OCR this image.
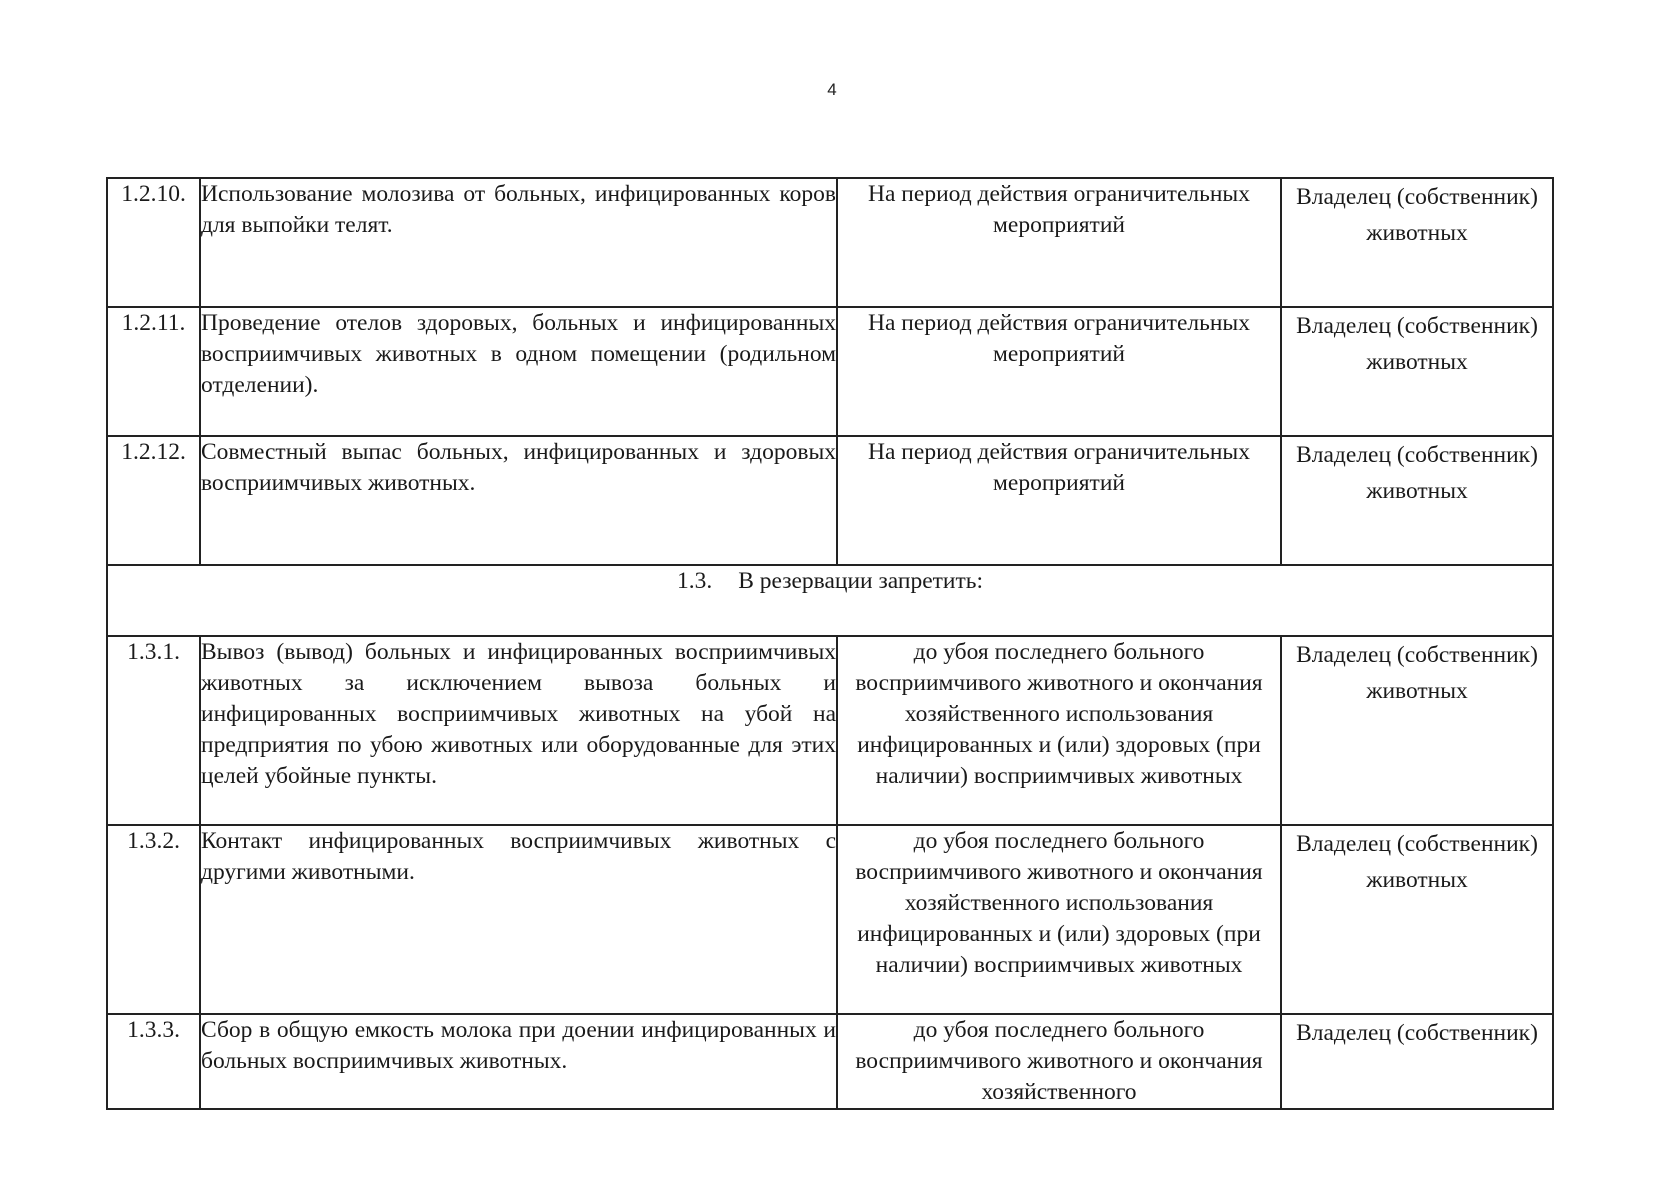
4
1.2.10.	Использование молозива от больных, инфицированных коров для выпойки телят.	На период действия ограничительных мероприятий	Владелец (собственник) животных
1.2.11.	Проведение отелов здоровых, больных и инфицированных восприимчивых животных в одном помещении (родильном отделении).	На период действия ограничительных мероприятий	Владелец (собственник) животных
1.2.12.	Совместный выпас больных, инфицированных и здоровых восприимчивых животных.	На период действия ограничительных мероприятий	Владелец (собственник) животных
1.3. В резервации запретить:			
1.3.1.	Вывоз (вывод) больных и инфицированных восприимчивых животных за исключением вывоза больных и инфицированных восприимчивых животных на убой на предприятия по убою животных или оборудованные для этих целей убойные пункты.	до убоя последнего больного восприимчивого животного и окончания хозяйственного использования инфицированных и (или) здоровых (при наличии) восприимчивых животных	Владелец (собственник) животных
1.3.2.	Контакт инфицированных восприимчивых животных с другими животными.	до убоя последнего больного восприимчивого животного и окончания хозяйственного использования инфицированных и (или) здоровых (при наличии) восприимчивых животных	Владелец (собственник) животных
1.3.3.	Сбор в общую емкость молока при доении инфицированных и больных восприимчивых животных.	до убоя последнего больного восприимчивого животного и окончания хозяйственного	Владелец (собственник)
